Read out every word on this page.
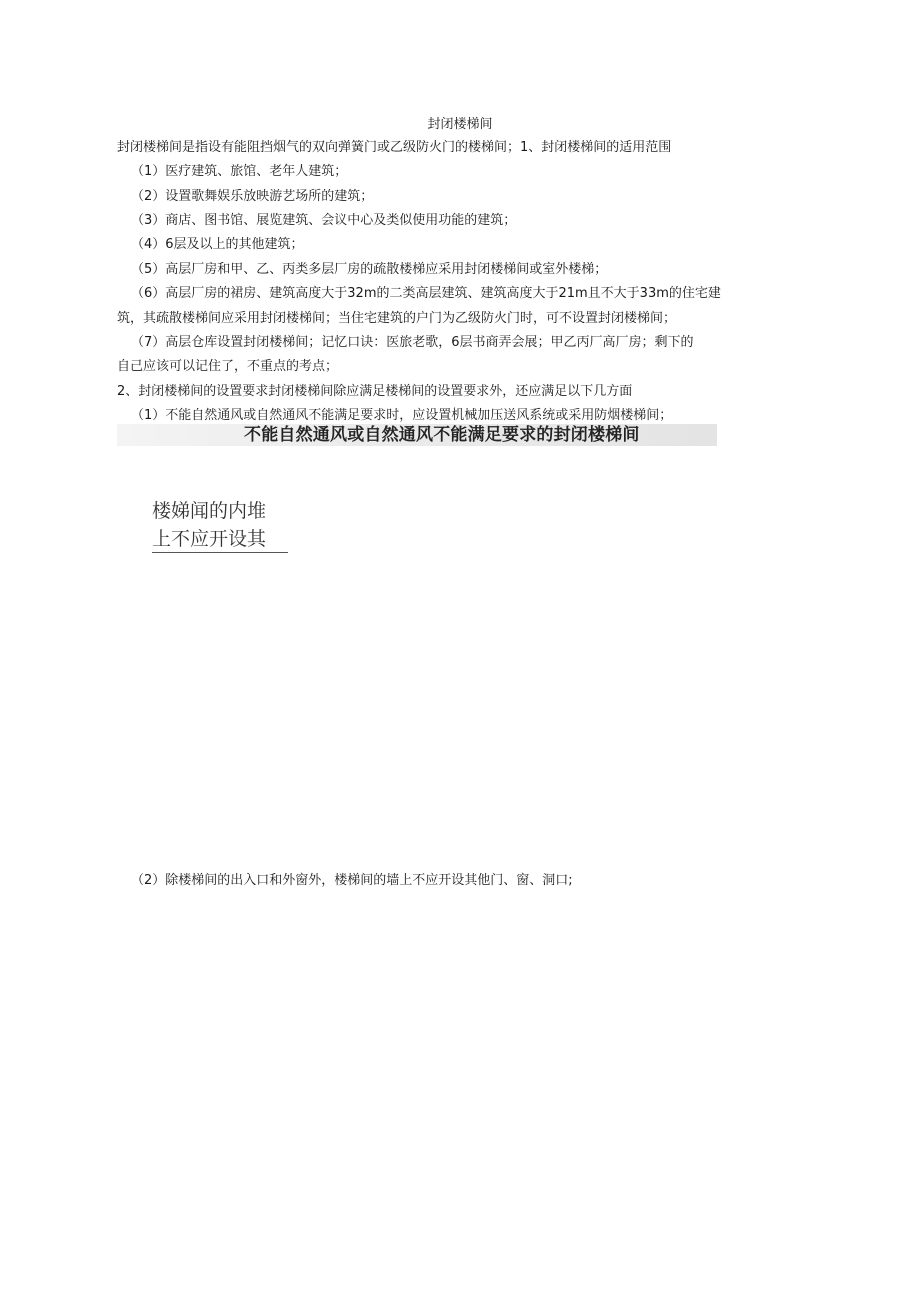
封闭楼梯间
封闭楼梯间是指设有能阻挡烟气的双向弹簧门或乙级防火门的楼梯间；1、封闭楼梯间的适用范围
（1）医疗建筑、旅馆、老年人建筑；
（2）设置歌舞娱乐放映游艺场所的建筑；
（3）商店、图书馆、展览建筑、会议中心及类似使用功能的建筑；
（4）6层及以上的其他建筑；
（5）高层厂房和甲、乙、丙类多层厂房的疏散楼梯应采用封闭楼梯间或室外楼梯；
（6）高层厂房的裙房、建筑高度大于32m的二类高层建筑、建筑高度大于21m且不大于33m的住宅建
筑，其疏散楼梯间应采用封闭楼梯间；当住宅建筑的户门为乙级防火门时，可不设置封闭楼梯间；
（7）高层仓库设置封闭楼梯间；记忆口诀：医旅老歌，6层书商弄会展；甲乙丙厂高厂房；剩下的
自己应该可以记住了，不重点的考点；
2、封闭楼梯间的设置要求封闭楼梯间除应满足楼梯间的设置要求外，还应满足以下几方面
（1）不能自然通风或自然通风不能满足要求时，应设置机械加压送风系统或采用防烟楼梯间；
不能自然通风或自然通风不能满足要求的封闭楼梯间
楼娣闻的内堆
上不应开设其
（2）除楼梯间的出入口和外窗外，楼梯间的墙上不应开设其他门、窗、洞口;
